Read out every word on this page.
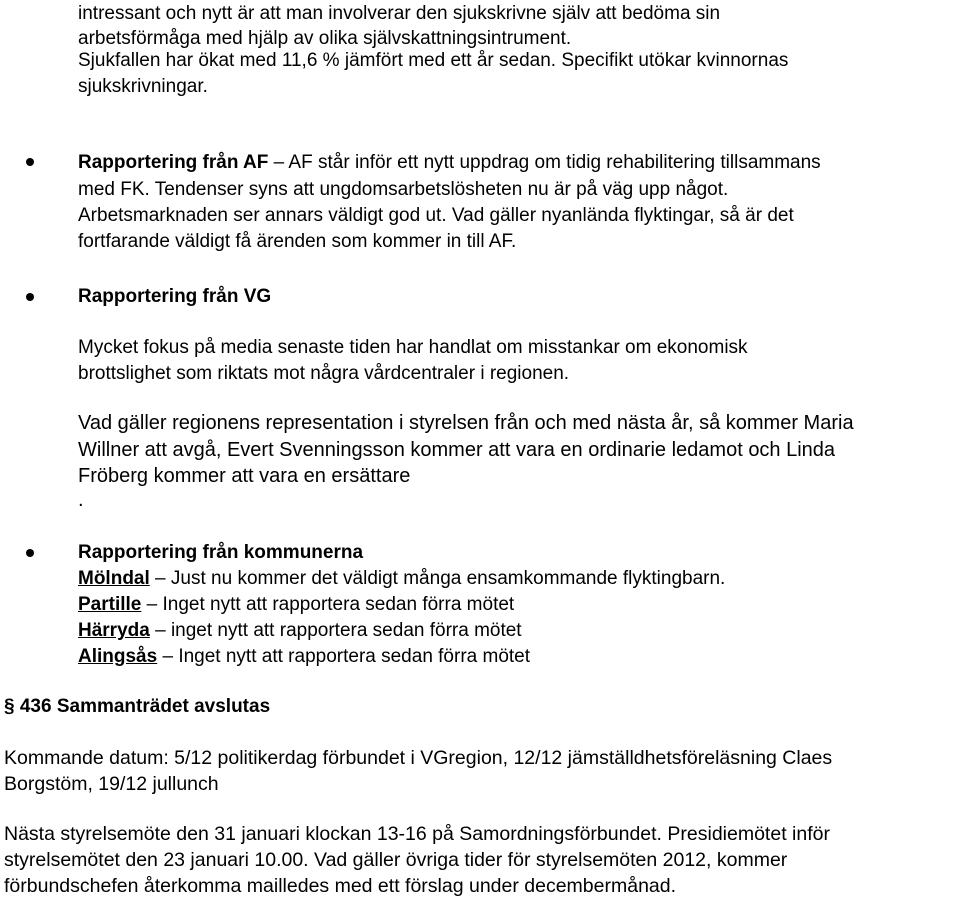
intressant och nytt är att man involverar den sjukskrivne själv att bedöma sin
arbetsförmåga med hjälp av olika självskattningsintrument.
Sjukfallen har ökat med 11,6 % jämfört med ett år sedan. Specifikt utökar kvinnornas
sjukskrivningar.
Rapportering från AF – AF står inför ett nytt uppdrag om tidig rehabilitering tillsammans
med FK. Tendenser syns att ungdomsarbetslösheten nu är på väg upp något.
Arbetsmarknaden ser annars väldigt god ut. Vad gäller nyanlända flyktingar, så är det
fortfarande väldigt få ärenden som kommer in till AF.
Rapportering från VG
Mycket fokus på media senaste tiden har handlat om misstankar om ekonomisk
brottslighet som riktats mot några vårdcentraler i regionen.
Vad gäller regionens representation i styrelsen från och med nästa år, så kommer Maria
Willner att avgå, Evert Svenningsson kommer att vara en ordinarie ledamot och Linda
Fröberg kommer att vara en ersättare
.
Rapportering från kommunerna
Mölndal – Just nu kommer det väldigt många ensamkommande flyktingbarn.
Partille – Inget nytt att rapportera sedan förra mötet
Härryda – inget nytt att rapportera sedan förra mötet
Alingsås – Inget nytt att rapportera sedan förra mötet
§ 436 Sammanträdet avslutas
Kommande datum: 5/12 politikerdag förbundet i VGregion, 12/12 jämställdhetsföreläsning Claes
Borgstöm, 19/12 jullunch
Nästa styrelsemöte den 31 januari klockan 13-16 på Samordningsförbundet. Presidiemötet inför
styrelsemötet den 23 januari 10.00. Vad gäller övriga tider för styrelsemöten 2012, kommer
förbundschefen återkomma mailledes med ett förslag under decembermånad.
